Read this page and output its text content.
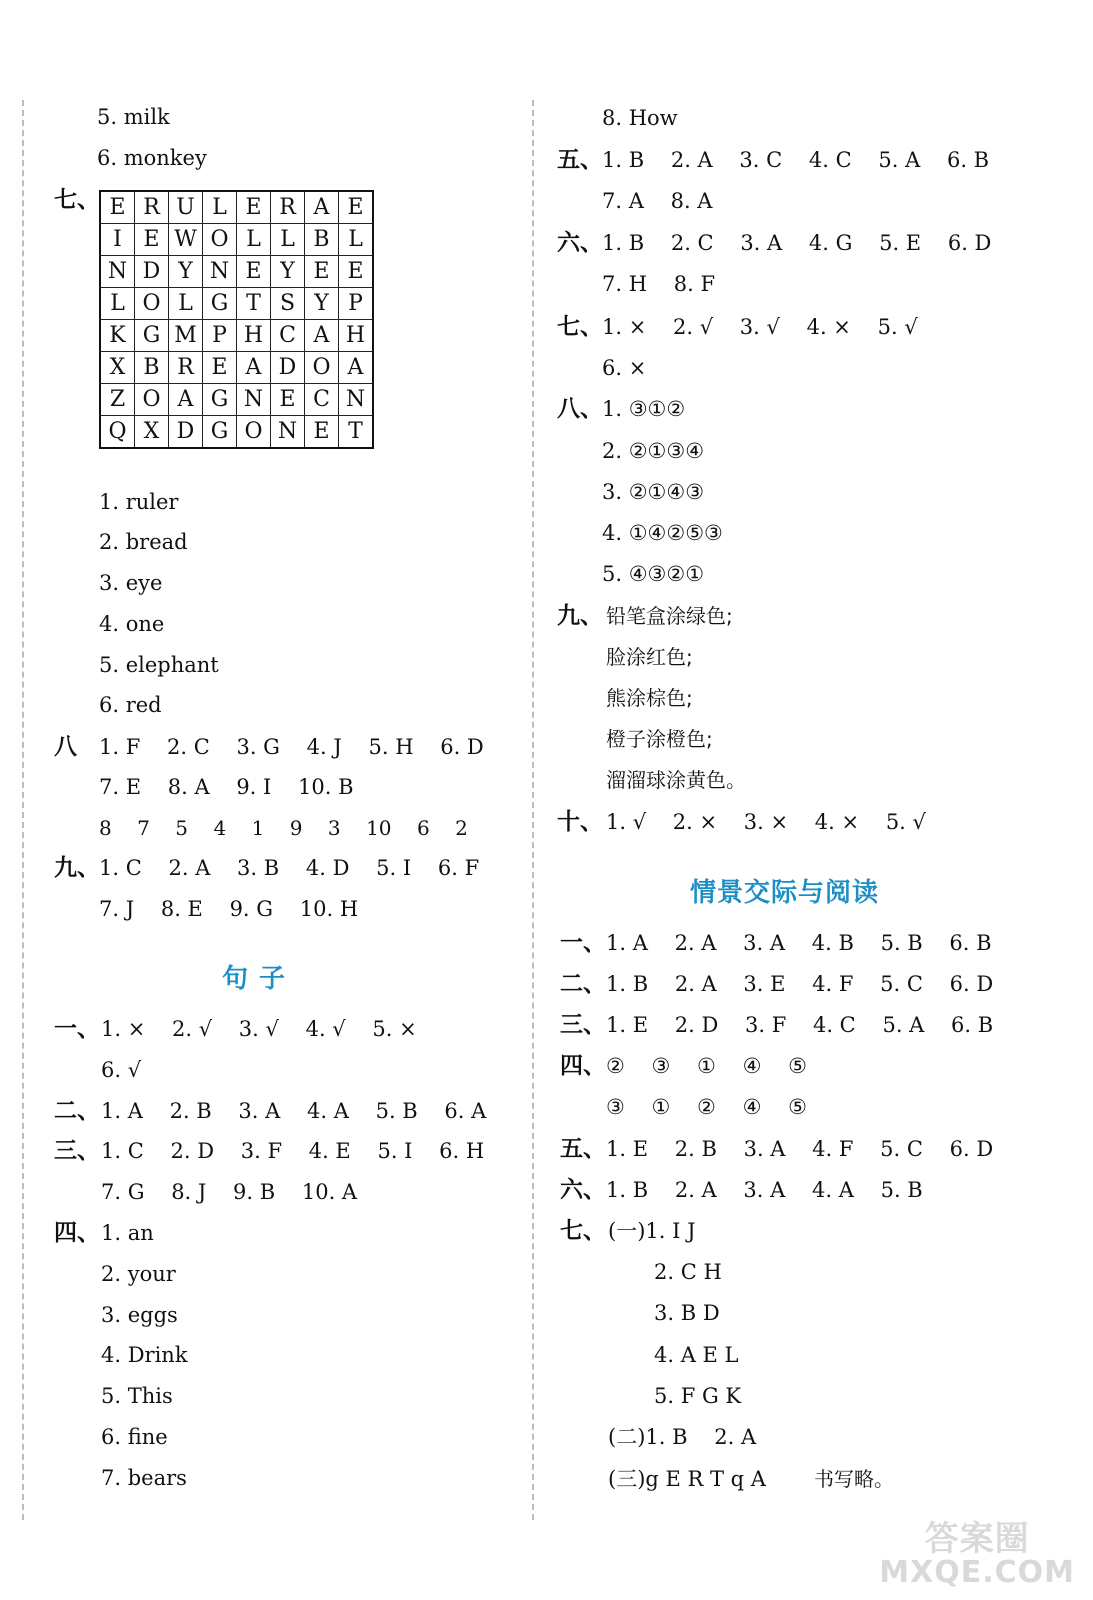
5. milk
6. monkey
七、 E	R	U	L	E	R	A	E
I	E	W	O	L	L	B	L
N	D	Y	N	E	Y	E	E
L	O	L	G	T	S	Y	P
K	G	M	P	H	C	A	H
X	B	R	E	A	D	O	A
Z	O	A	G	N	E	C	N
Q	X	D	G	O	N	E	T
1. ruler
2. bread
3. eye
4. one
5. elephant
6. red
八 1. F    2. C    3. G    4. J    5. H    6. D
7. E    8. A    9. I    10. B
8    7    5    4    1    9    3    10    6    2
九、 1. C    2. A    3. B    4. D    5. I    6. F
7. J    8. E    9. G    10. H
句 子
一、 1. ×    2. √    3. √    4. √    5. ×
6. √
二、 1. A    2. B    3. A    4. A    5. B    6. A
三、 1. C    2. D    3. F    4. E    5. I    6. H
7. G    8. J    9. B    10. A
四、 1. an
2. your
3. eggs
4. Drink
5. This
6. fine
7. bears
8. How
五、 1. B    2. A    3. C    4. C    5. A    6. B
7. A    8. A
六、 1. B    2. C    3. A    4. G    5. E    6. D
7. H    8. F
七、 1. ×    2. √    3. √    4. ×    5. √
6. ×
八、 1. ③①②
2. ②①③④
3. ②①④③
4. ①④②⑤③
5. ④③②①
九、 铅笔盒涂绿色;
脸涂红色;
熊涂棕色;
橙子涂橙色;
溜溜球涂黄色。
十、 1. √    2. ×    3. ×    4. ×    5. √
情景交际与阅读
一、 1. A    2. A    3. A    4. B    5. B    6. B
二、 1. B    2. A    3. E    4. F    5. C    6. D
三、 1. E    2. D    3. F    4. C    5. A    6. B
四、 ②    ③    ①    ④    ⑤
③    ①    ②    ④    ⑤
五、 1. E    2. B    3. A    4. F    5. C    6. D
六、 1. B    2. A    3. A    4. A    5. B
七、 (一)1. I J
2. C H
3. B D
4. A E L
5. F G K
(二)1. B    2. A
(三)g E R T q A 书写略。
答案圈
MXQE.COM
